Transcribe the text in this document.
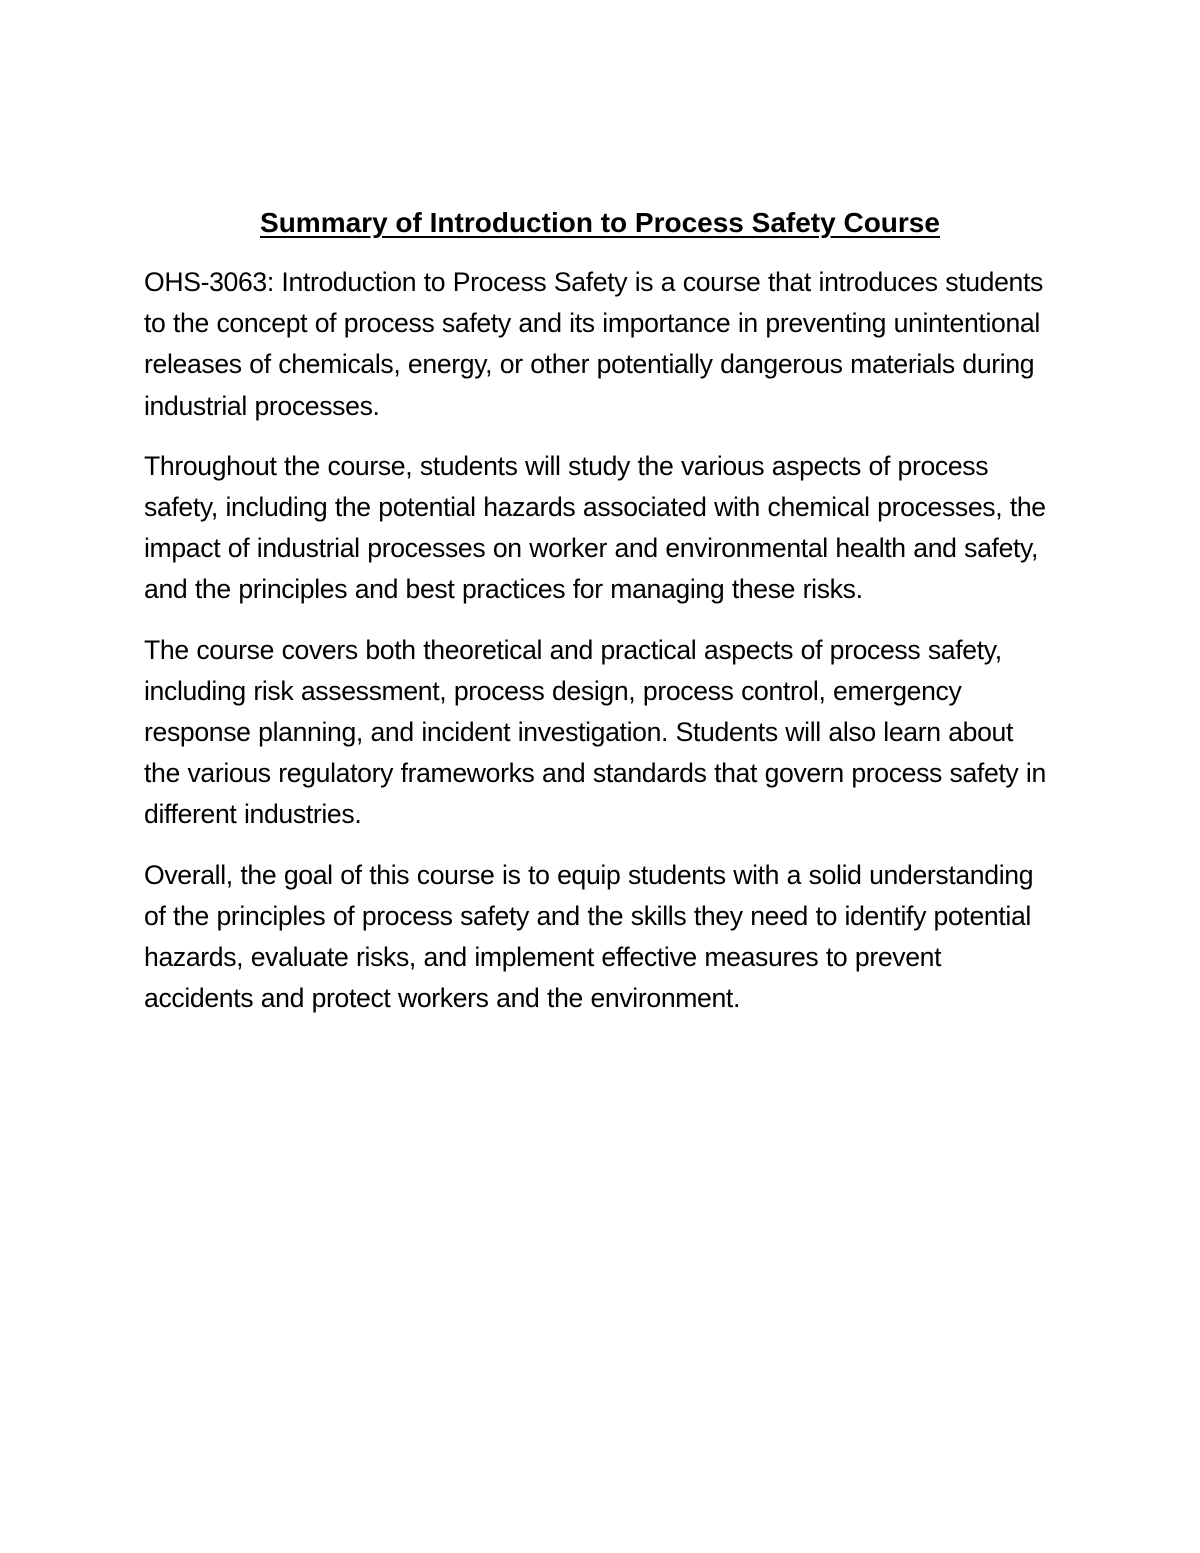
Summary of Introduction to Process Safety Course

OHS-3063: Introduction to Process Safety is a course that introduces students to the concept of process safety and its importance in preventing unintentional releases of chemicals, energy, or other potentially dangerous materials during industrial processes.

Throughout the course, students will study the various aspects of process safety, including the potential hazards associated with chemical processes, the impact of industrial processes on worker and environmental health and safety, and the principles and best practices for managing these risks.

The course covers both theoretical and practical aspects of process safety, including risk assessment, process design, process control, emergency response planning, and incident investigation. Students will also learn about the various regulatory frameworks and standards that govern process safety in different industries.

Overall, the goal of this course is to equip students with a solid understanding of the principles of process safety and the skills they need to identify potential hazards, evaluate risks, and implement effective measures to prevent accidents and protect workers and the environment.
